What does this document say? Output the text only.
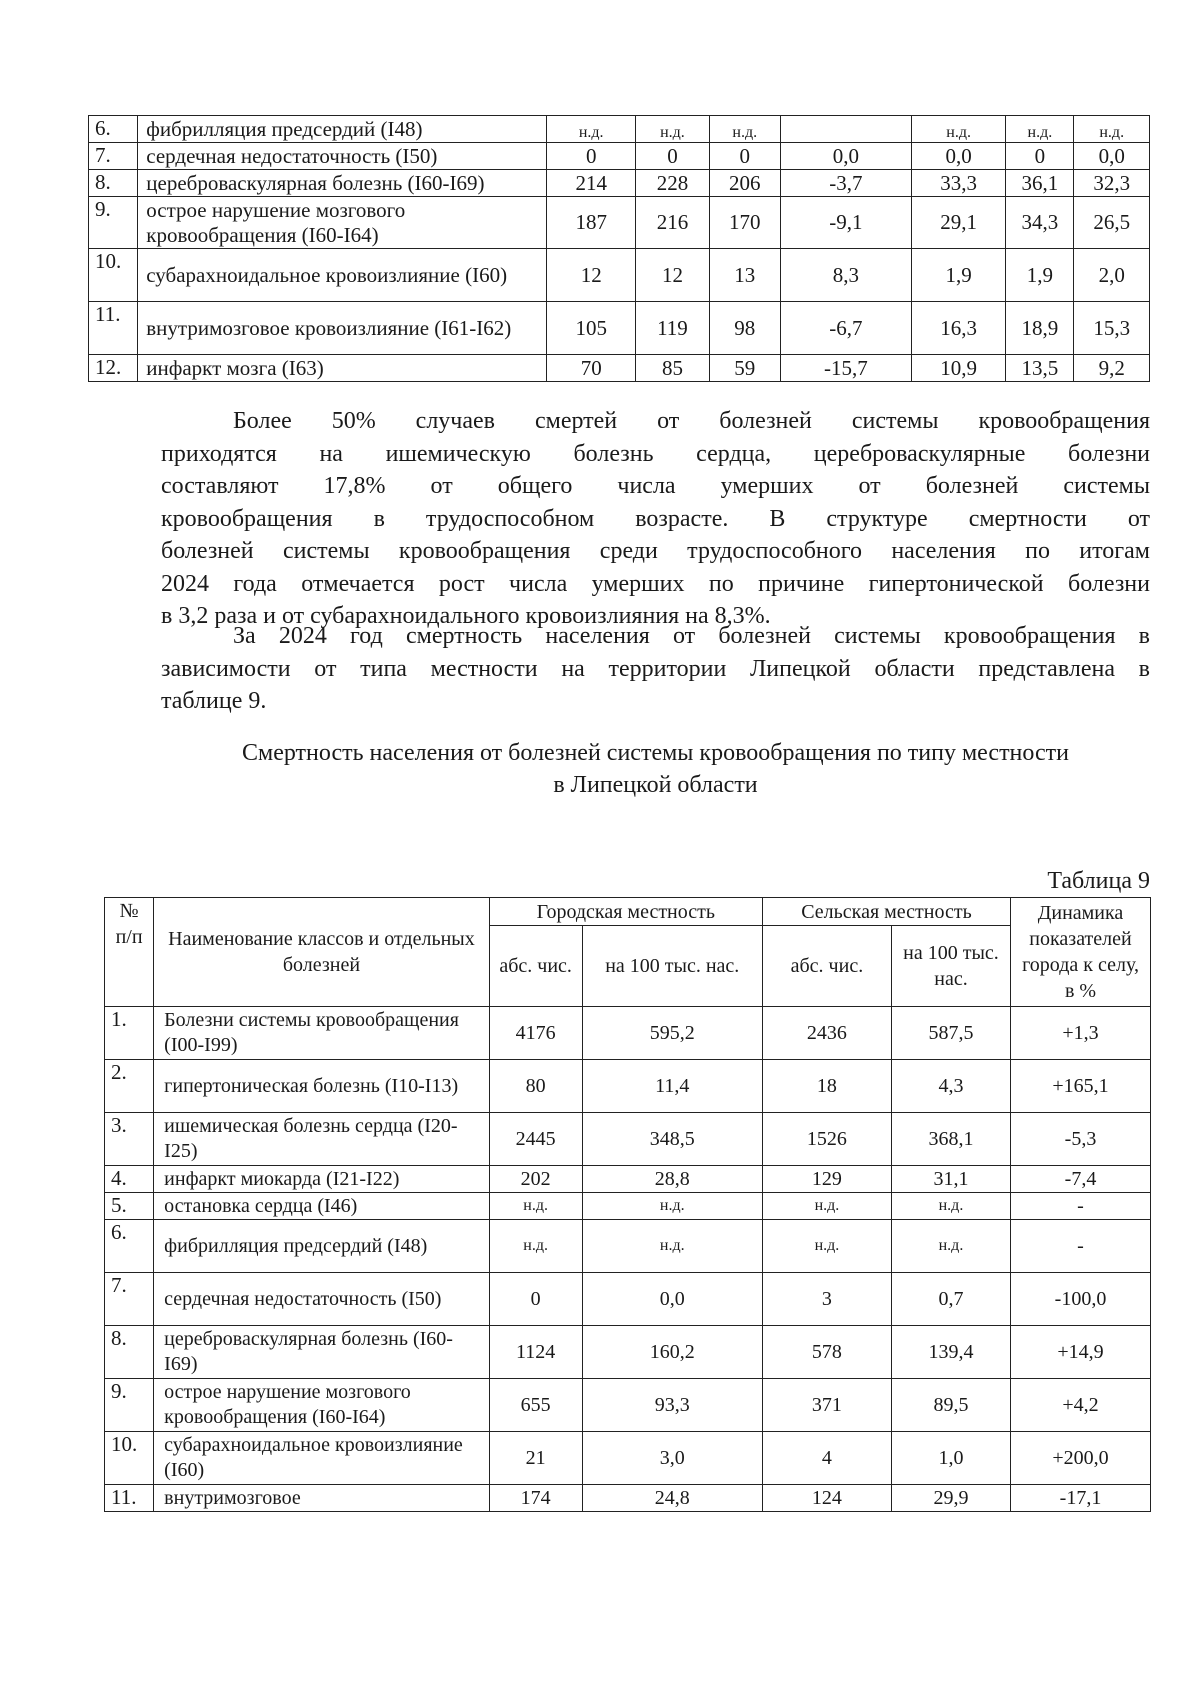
6.	фибрилляция предсердий (I48)	н.д.	н.д.	н.д.		н.д.	н.д.	н.д.
7.	сердечная недостаточность (I50)	0	0	0	0,0	0,0	0	0,0
8.	цереброваскулярная болезнь (I60-I69)	214	228	206	-3,7	33,3	36,1	32,3
9.	острое нарушение мозгового кровообращения (I60-I64)	187	216	170	-9,1	29,1	34,3	26,5
10.	субарахноидальное кровоизлияние (I60)	12	12	13	8,3	1,9	1,9	2,0
11.	внутримозговое кровоизлияние (I61-I62)	105	119	98	-6,7	16,3	18,9	15,3
12.	инфаркт мозга (I63)	70	85	59	-15,7	10,9	13,5	9,2
Более 50% случаев смертей от болезней системы кровообращения
приходятся на ишемическую болезнь сердца, цереброваскулярные болезни
составляют 17,8% от общего числа умерших от болезней системы
кровообращения в трудоспособном возрасте. В структуре смертности от
болезней системы кровообращения среди трудоспособного населения по итогам
2024 года отмечается рост числа умерших по причине гипертонической болезни
в 3,2 раза и от субарахноидального кровоизлияния на 8,3%.
За 2024 год смертность населения от болезней системы кровообращения в
зависимости от типа местности на территории Липецкой области представлена в
таблице 9.
Смертность населения от болезней системы кровообращения по типу местности
в Липецкой области
Таблица 9
№ п/п	Наименование классов и отдельных болезней	Городская местность		Сельская местность		Динамика показателей города к селу, в %
		абс. чис.	на 100 тыс. нас.	абс. чис.	на 100 тыс. нас.	
1.	Болезни системы кровообращения (I00-I99)	4176	595,2	2436	587,5	+1,3
2.	гипертоническая болезнь (I10-I13)	80	11,4	18	4,3	+165,1
3.	ишемическая болезнь сердца (I20-I25)	2445	348,5	1526	368,1	-5,3
4.	инфаркт миокарда (I21-I22)	202	28,8	129	31,1	-7,4
5.	остановка сердца (I46)	н.д.	н.д.	н.д.	н.д.	-
6.	фибрилляция предсердий (I48)	н.д.	н.д.	н.д.	н.д.	-
7.	сердечная недостаточность (I50)	0	0,0	3	0,7	-100,0
8.	цереброваскулярная болезнь (I60-I69)	1124	160,2	578	139,4	+14,9
9.	острое нарушение мозгового кровообращения (I60-I64)	655	93,3	371	89,5	+4,2
10.	субарахноидальное кровоизлияние (I60)	21	3,0	4	1,0	+200,0
11.	внутримозговое	174	24,8	124	29,9	-17,1
